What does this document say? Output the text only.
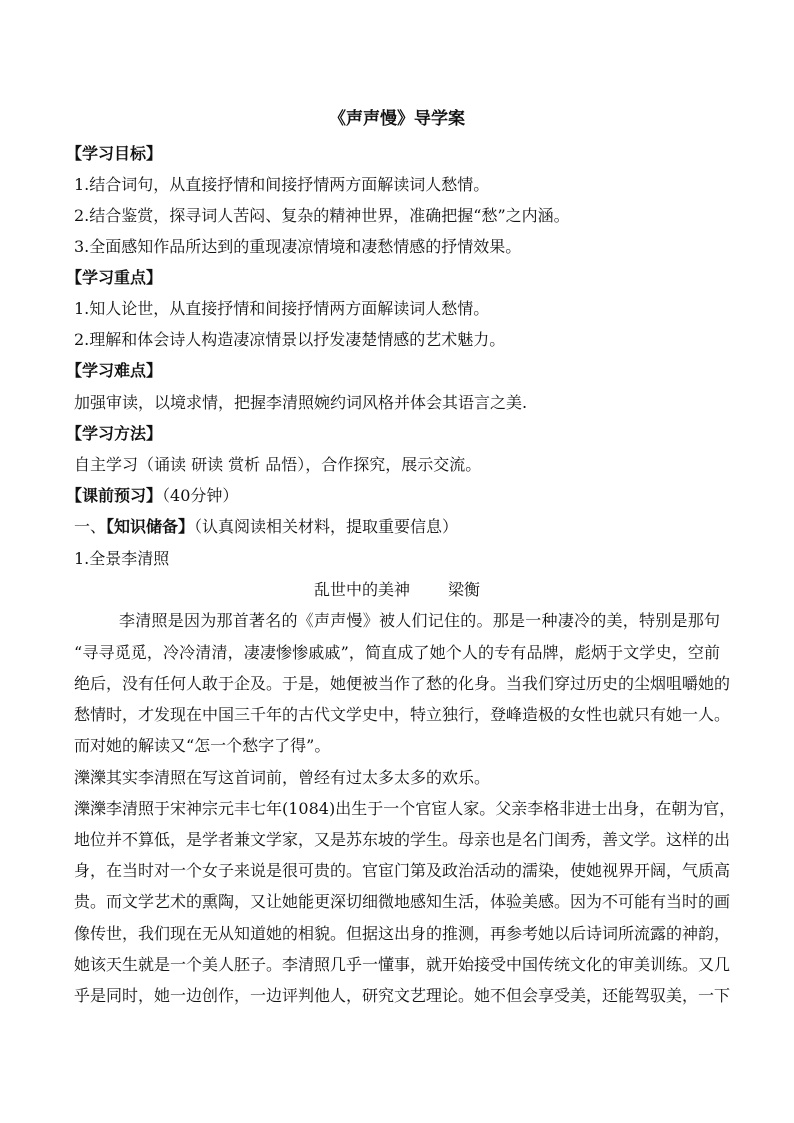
《声声慢》导学案
【学习目标】
1.结合词句，从直接抒情和间接抒情两方面解读词人愁情。
2.结合鉴赏，探寻词人苦闷、复杂的精神世界，准确把握“愁”之内涵。
3.全面感知作品所达到的重现凄凉情境和凄愁情感的抒情效果。
【学习重点】
1.知人论世，从直接抒情和间接抒情两方面解读词人愁情。
2.理解和体会诗人构造凄凉情景以抒发凄楚情感的艺术魅力。
【学习难点】
加强审读，以境求情，把握李清照婉约词风格并体会其语言之美.
【学习方法】
自主学习（诵读 研读 赏析 品悟），合作探究，展示交流。
【课前预习】（40分钟）
一、【知识储备】（认真阅读相关材料，提取重要信息）
1.全景李清照
乱世中的美神 梁衡
李清照是因为那首著名的《声声慢》被人们记住的。那是一种凄冷的美，特别是那句
“寻寻觅觅，冷冷清清，凄凄惨惨戚戚”，简直成了她个人的专有品牌，彪炳于文学史，空前
绝后，没有任何人敢于企及。于是，她便被当作了愁的化身。当我们穿过历史的尘烟咀嚼她的
愁情时，才发现在中国三千年的古代文学史中，特立独行，登峰造极的女性也就只有她一人。
而对她的解读又“怎一个愁字了得”。
濼濼其实李清照在写这首词前，曾经有过太多太多的欢乐。
濼濼李清照于宋神宗元丰七年(1084)出生于一个官宦人家。父亲李格非进士出身，在朝为官，
地位并不算低，是学者兼文学家，又是苏东坡的学生。母亲也是名门闺秀，善文学。这样的出
身，在当时对一个女子来说是很可贵的。官宦门第及政治活动的濡染，使她视界开阔，气质高
贵。而文学艺术的熏陶，又让她能更深切细微地感知生活，体验美感。因为不可能有当时的画
像传世，我们现在无从知道她的相貌。但据这出身的推测，再参考她以后诗词所流露的神韵，
她该天生就是一个美人胚子。李清照几乎一懂事，就开始接受中国传统文化的审美训练。又几
乎是同时，她一边创作，一边评判他人，研究文艺理论。她不但会享受美，还能驾驭美，一下
